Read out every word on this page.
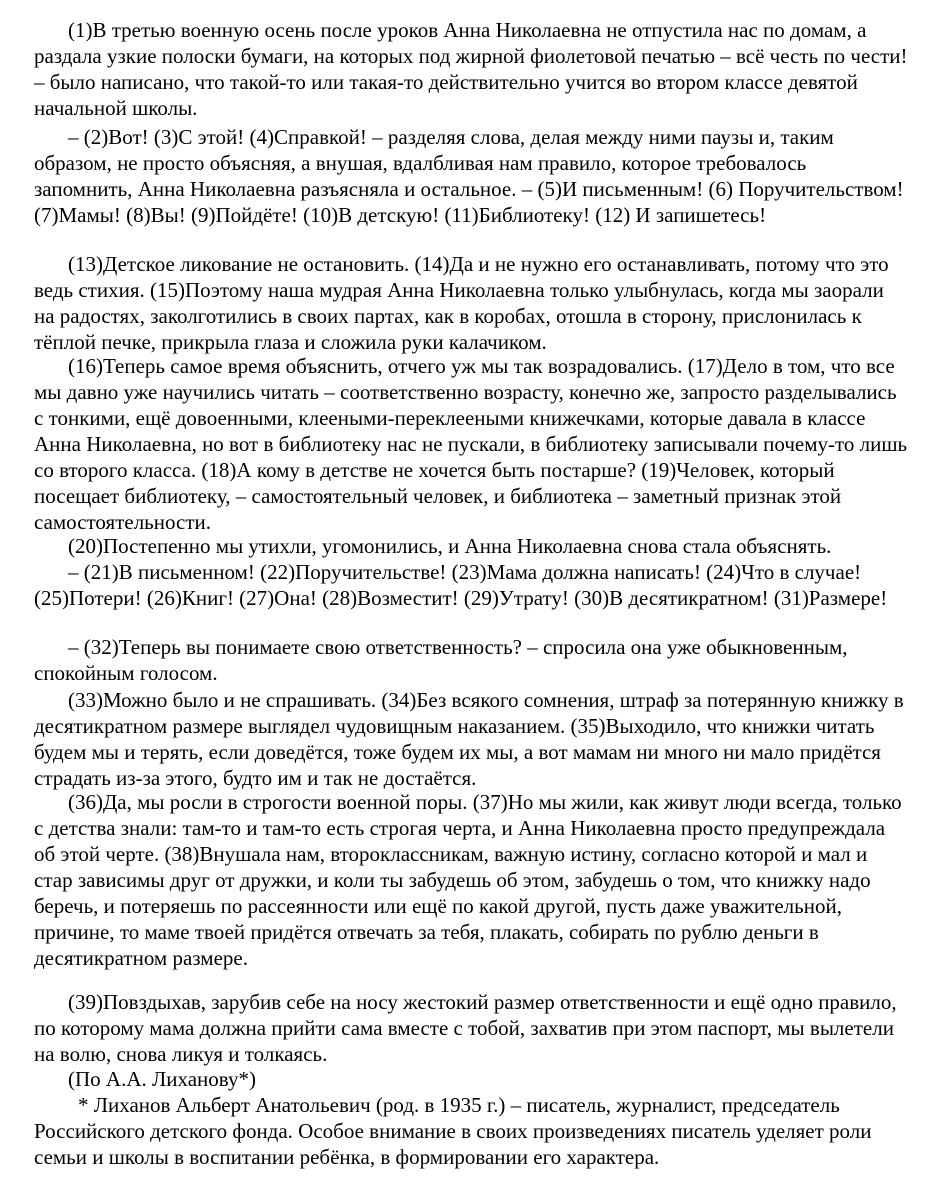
(1)В третью военную осень после уроков Анна Николаевна не отпустила нас по домам, а раздала узкие полоски бумаги, на которых под жирной фиолетовой печатью – всё честь по чести! – было написано, что такой-то или такая-то действительно учится во втором классе девятой начальной школы.

– (2)Вот! (3)С этой! (4)Справкой! – разделяя слова, делая между ними паузы и, таким образом, не просто объясняя, а внушая, вдалбливая нам правило, которое требовалось запомнить, Анна Николаевна разъясняла и остальное. – (5)И письменным! (6) Поручительством! (7)Мамы! (8)Вы! (9)Пойдёте! (10)В детскую! (11)Библиотеку! (12) И запишетесь!

(13)Детское ликование не остановить. (14)Да и не нужно его останавливать, потому что это ведь стихия. (15)Поэтому наша мудрая Анна Николаевна только улыбнулась, когда мы заорали на радостях, заколготились в своих партах, как в коробах, отошла в сторону, прислонилась к тёплой печке, прикрыла глаза и сложила руки калачиком.

(16)Теперь самое время объяснить, отчего уж мы так возрадовались. (17)Дело в том, что все мы давно уже научились читать – соответственно возрасту, конечно же, запросто разделывались с тонкими, ещё довоенными, клееными-переклееными книжечками, которые давала в классе Анна Николаевна, но вот в библиотеку нас не пускали, в библиотеку записывали почему-то лишь со второго класса. (18)А кому в детстве не хочется быть постарше? (19)Человек, который посещает библиотеку, – самостоятельный человек, и библиотека – заметный признак этой самостоятельности.

(20)Постепенно мы утихли, угомонились, и Анна Николаевна снова стала объяснять.

– (21)В письменном! (22)Поручительстве! (23)Мама должна написать! (24)Что в случае! (25)Потери! (26)Книг! (27)Она! (28)Возместит! (29)Утрату! (30)В десятикратном! (31)Размере!

– (32)Теперь вы понимаете свою ответственность? – спросила она уже обыкновенным, спокойным голосом.

(33)Можно было и не спрашивать. (34)Без всякого сомнения, штраф за потерянную книжку в десятикратном размере выглядел чудовищным наказанием. (35)Выходило, что книжки читать будем мы и терять, если доведётся, тоже будем их мы, а вот мамам ни много ни мало придётся страдать из-за этого, будто им и так не достаётся.

(36)Да, мы росли в строгости военной поры. (37)Но мы жили, как живут люди всегда, только с детства знали: там-то и там-то есть строгая черта, и Анна Николаевна просто предупреждала об этой черте. (38)Внушала нам, второклассникам, важную истину, согласно которой и мал и стар зависимы друг от дружки, и коли ты забудешь об этом, забудешь о том, что книжку надо беречь, и потеряешь по рассеянности или ещё по какой другой, пусть даже уважительной, причине, то маме твоей придётся отвечать за тебя, плакать, собирать по рублю деньги в десятикратном размере.

(39)Повздыхав, зарубив себе на носу жестокий размер ответственности и ещё одно правило, по которому мама должна прийти сама вместе с тобой, захватив при этом паспорт, мы вылетели на волю, снова ликуя и толкаясь.

(По А.А. Лиханову*)

* Лиханов Альберт Анатольевич (род. в 1935 г.) – писатель, журналист, председатель Российского детского фонда. Особое внимание в своих произведениях писатель уделяет роли семьи и школы в воспитании ребёнка, в формировании его характера.
